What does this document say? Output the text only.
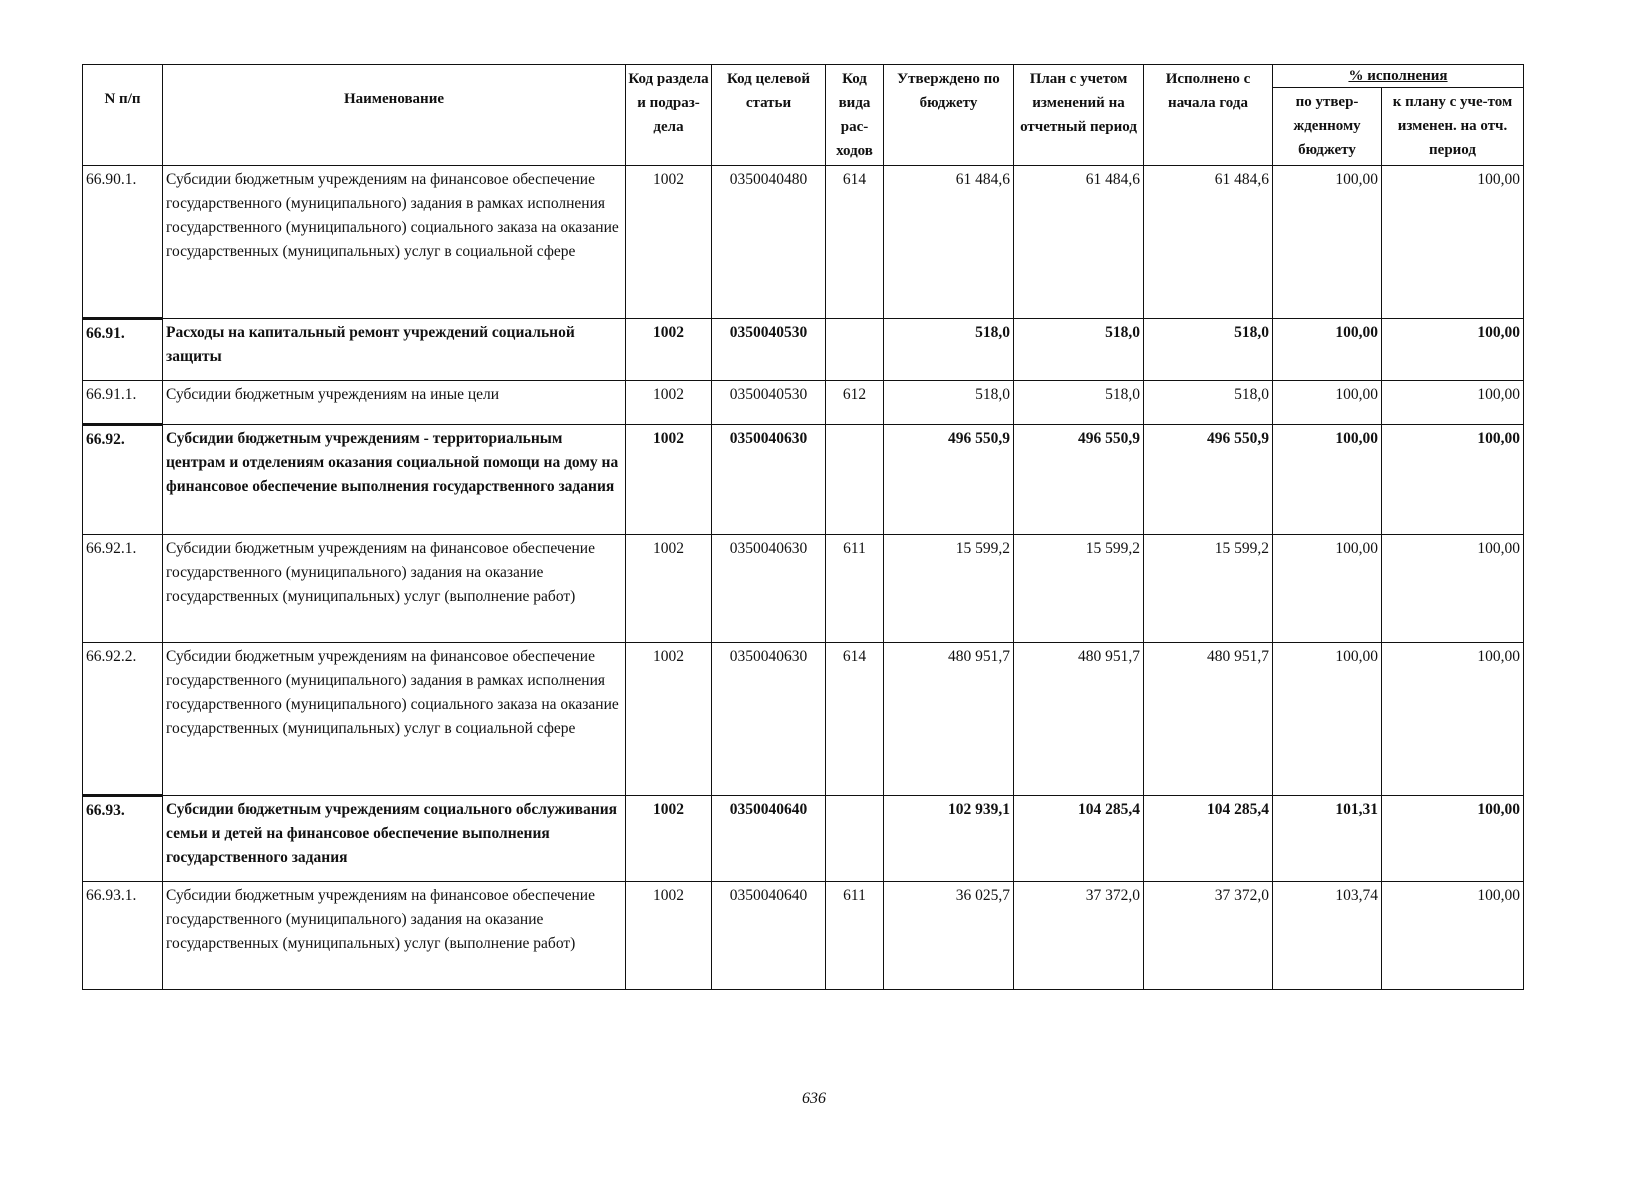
N п/п	Наименование	Код раздела и подраз-дела	Код целевой статьи	Код вида рас-ходов	Утверждено по бюджету	План с учетом изменений на отчетный период	Исполнено с начала года	% исполнения	
								по утвер-жденному бюджету	к плану с уче-том изменен. на отч. период
66.90.1.	Субсидии бюджетным учреждениям на финансовое обеспечение государственного (муниципального) задания в рамках исполнения государственного (муниципального) социального заказа на оказание государственных (муниципальных) услуг в социальной сфере	1002	0350040480	614	61 484,6	61 484,6	61 484,6	100,00	100,00
66.91.	Расходы на капитальный ремонт учреждений социальной защиты	1002	0350040530		518,0	518,0	518,0	100,00	100,00
66.91.1.	Субсидии бюджетным учреждениям на иные цели	1002	0350040530	612	518,0	518,0	518,0	100,00	100,00
66.92.	Субсидии бюджетным учреждениям - территориальным центрам и отделениям оказания социальной помощи на дому на финансовое обеспечение выполнения государственного задания	1002	0350040630		496 550,9	496 550,9	496 550,9	100,00	100,00
66.92.1.	Субсидии бюджетным учреждениям на финансовое обеспечение государственного (муниципального) задания на оказание государственных (муниципальных) услуг (выполнение работ)	1002	0350040630	611	15 599,2	15 599,2	15 599,2	100,00	100,00
66.92.2.	Субсидии бюджетным учреждениям на финансовое обеспечение государственного (муниципального) задания в рамках исполнения государственного (муниципального) социального заказа на оказание государственных (муниципальных) услуг в социальной сфере	1002	0350040630	614	480 951,7	480 951,7	480 951,7	100,00	100,00
66.93.	Субсидии бюджетным учреждениям социального обслуживания семьи и детей на финансовое обеспечение выполнения государственного задания	1002	0350040640		102 939,1	104 285,4	104 285,4	101,31	100,00
66.93.1.	Субсидии бюджетным учреждениям на финансовое обеспечение государственного (муниципального) задания на оказание государственных (муниципальных) услуг (выполнение работ)	1002	0350040640	611	36 025,7	37 372,0	37 372,0	103,74	100,00
636
